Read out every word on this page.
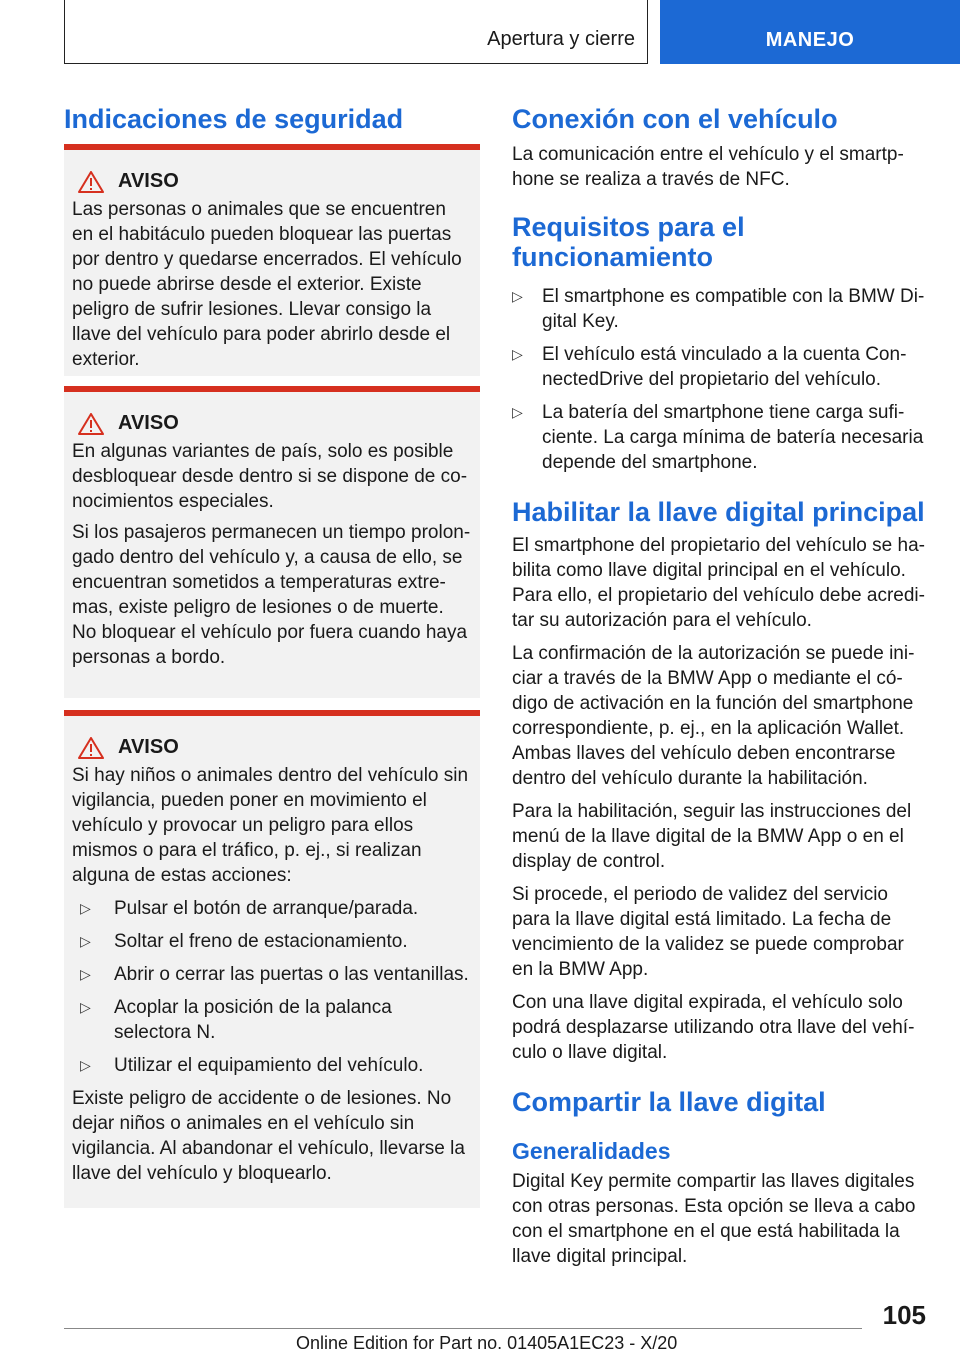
Apertura y cierre	MANEJO
Indicaciones de seguridad
AVISO

Las personas o animales que se encuentren en el habitáculo pueden bloquear las puertas por dentro y quedarse encerrados. El vehículo no puede abrirse desde el exterior. Existe peligro de sufrir lesiones. Llevar consigo la llave del vehículo para poder abrirlo desde el exterior.

AVISO

En algunas variantes de país, solo es posible desbloquear desde dentro si se dispone de conocimientos especiales.

Si los pasajeros permanecen un tiempo prolongado dentro del vehículo y, a causa de ello, se encuentran sometidos a temperaturas extremas, existe peligro de lesiones o de muerte. No bloquear el vehículo por fuera cuando haya personas a bordo.

AVISO

Si hay niños o animales dentro del vehículo sin vigilancia, pueden poner en movimiento el vehículo y provocar un peligro para ellos mismos o para el tráfico, p. ej., si realizan alguna de estas acciones:

▷ Pulsar el botón de arranque/parada.
▷ Soltar el freno de estacionamiento.
▷ Abrir o cerrar las puertas o las ventanillas.
▷ Acoplar la posición de la palanca selectora N.
▷ Utilizar el equipamiento del vehículo.

Existe peligro de accidente o de lesiones. No dejar niños o animales en el vehículo sin vigilancia. Al abandonar el vehículo, llevarse la llave del vehículo y bloquearlo.

Conexión con el vehículo

La comunicación entre el vehículo y el smartphone se realiza a través de NFC.

Requisitos para el funcionamiento
▷ El smartphone es compatible con la BMW Digital Key.
▷ El vehículo está vinculado a la cuenta ConnectedDrive del propietario del vehículo.
▷ La batería del smartphone tiene carga suficiente. La carga mínima de batería necesaria depende del smartphone.
Habilitar la llave digital principal

El smartphone del propietario del vehículo se habilita como llave digital principal en el vehículo. Para ello, el propietario del vehículo debe acreditar su autorización para el vehículo.

La confirmación de la autorización se puede iniciar a través de la BMW App o mediante el código de activación en la función del smartphone correspondiente, p. ej., en la aplicación Wallet. Ambas llaves del vehículo deben encontrarse dentro del vehículo durante la habilitación.

Para la habilitación, seguir las instrucciones del menú de la llave digital de la BMW App o en el display de control.

Si procede, el periodo de validez del servicio para la llave digital está limitado. La fecha de vencimiento de la validez se puede comprobar en la BMW App.

Con una llave digital expirada, el vehículo solo podrá desplazarse utilizando otra llave del vehículo o llave digital.

Compartir la llave digital
Generalidades

Digital Key permite compartir las llaves digitales con otras personas. Esta opción se lleva a cabo con el smartphone en el que está habilitada la llave digital principal.

105
Online Edition for Part no. 01405A1EC23 - X/20
